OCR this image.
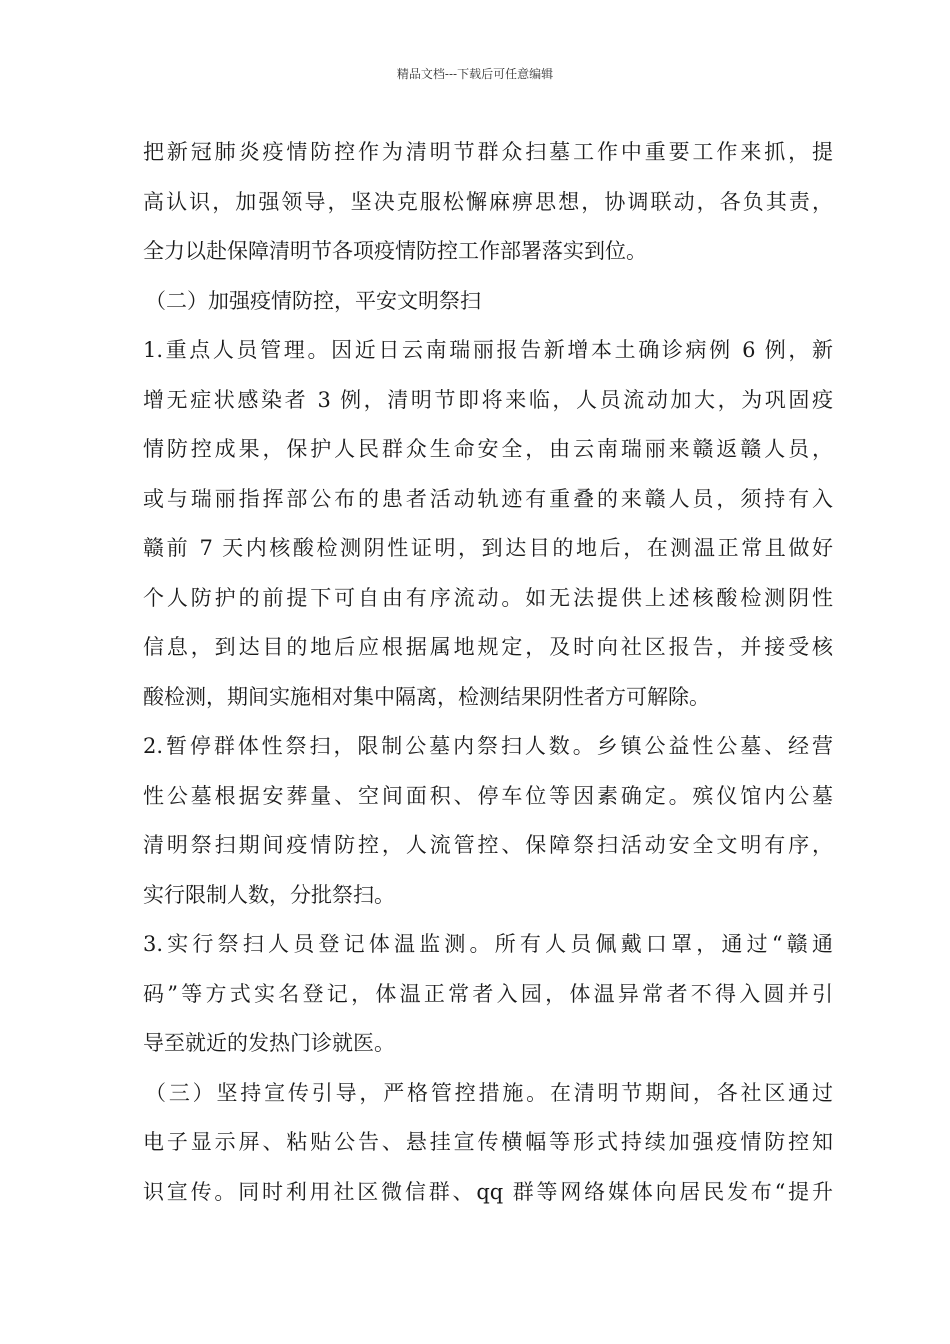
精品文档---下载后可任意编辑
把新冠肺炎疫情防控作为清明节群众扫墓工作中重要工作来抓，提
高认识，加强领导，坚决克服松懈麻痹思想，协调联动，各负其责，
全力以赴保障清明节各项疫情防控工作部署落实到位。
（二）加强疫情防控，平安文明祭扫
1.重点人员管理。因近日云南瑞丽报告新增本土确诊病例 6 例，新
增无症状感染者 3 例，清明节即将来临，人员流动加大，为巩固疫
情防控成果，保护人民群众生命安全，由云南瑞丽来赣返赣人员，
或与瑞丽指挥部公布的患者活动轨迹有重叠的来赣人员，须持有入
赣前 7 天内核酸检测阴性证明，到达目的地后，在测温正常且做好
个人防护的前提下可自由有序流动。如无法提供上述核酸检测阴性
信息，到达目的地后应根据属地规定，及时向社区报告，并接受核
酸检测，期间实施相对集中隔离，检测结果阴性者方可解除。
2.暂停群体性祭扫，限制公墓内祭扫人数。乡镇公益性公墓、经营
性公墓根据安葬量、空间面积、停车位等因素确定。殡仪馆内公墓
清明祭扫期间疫情防控，人流管控、保障祭扫活动安全文明有序，
实行限制人数，分批祭扫。
3.实行祭扫人员登记体温监测。所有人员佩戴口罩，通过“赣通
码”等方式实名登记，体温正常者入园，体温异常者不得入圆并引
导至就近的发热门诊就医。
（三）坚持宣传引导，严格管控措施。在清明节期间，各社区通过
电子显示屏、粘贴公告、悬挂宣传横幅等形式持续加强疫情防控知
识宣传。同时利用社区微信群、qq 群等网络媒体向居民发布“提升
